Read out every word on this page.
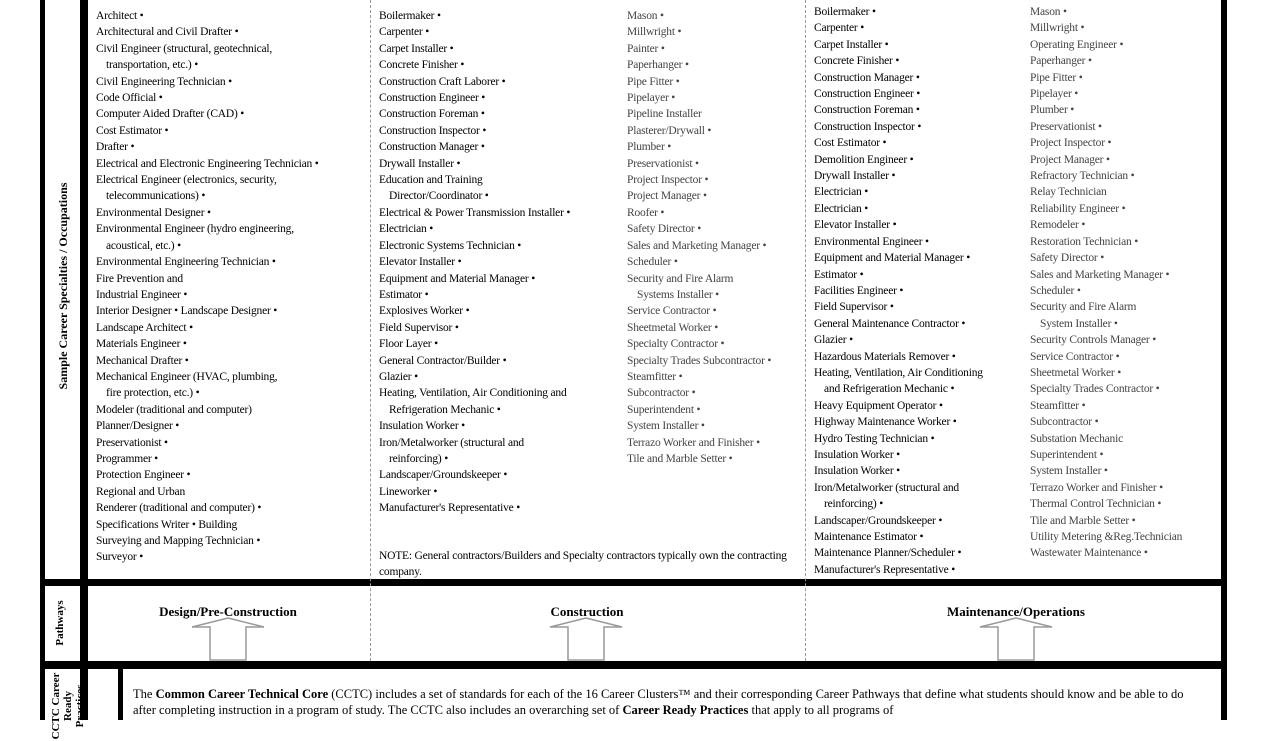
Sample Career Specialties / Occupations
Pathways
CCTC Career Ready Practices
Architect •
Architectural and Civil Drafter •
Civil Engineer (structural, geotechnical,
transportation, etc.) •
Civil Engineering Technician •
Code Official •
Computer Aided Drafter (CAD) •
Cost Estimator •
Drafter •
Electrical and Electronic Engineering Technician •
Electrical Engineer (electronics, security,
telecommunications) •
Environmental Designer •
Environmental Engineer (hydro engineering,
acoustical, etc.) •
Environmental Engineering Technician •
Fire Prevention and
Industrial Engineer •
Interior Designer • Landscape Designer •
Landscape Architect •
Materials Engineer •
Mechanical Drafter •
Mechanical Engineer (HVAC, plumbing,
fire protection, etc.) •
Modeler (traditional and computer)
Planner/Designer •
Preservationist •
Programmer •
Protection Engineer •
Regional and Urban
Renderer (traditional and computer) •
Specifications Writer • Building
Surveying and Mapping Technician •
Surveyor •
Boilermaker •
Carpenter •
Carpet Installer •
Concrete Finisher •
Construction Craft Laborer •
Construction Engineer •
Construction Foreman •
Construction Inspector •
Construction Manager •
Drywall Installer •
Education and Training
Director/Coordinator •
Electrical & Power Transmission Installer •
Electrician •
Electronic Systems Technician •
Elevator Installer •
Equipment and Material Manager •
Estimator •
Explosives Worker •
Field Supervisor •
Floor Layer •
General Contractor/Builder •
Glazier •
Heating, Ventilation, Air Conditioning and
Refrigeration Mechanic •
Insulation Worker •
Iron/Metalworker (structural and
reinforcing) •
Landscaper/Groundskeeper •
Lineworker •
Manufacturer's Representative •
Mason •
Millwright •
Painter •
Paperhanger •
Pipe Fitter •
Pipelayer •
Pipeline Installer
Plasterer/Drywall •
Plumber •
Preservationist •
Project Inspector •
Project Manager •
Roofer •
Safety Director •
Sales and Marketing Manager •
Scheduler •
Security and Fire Alarm
Systems Installer •
Service Contractor •
Sheetmetal Worker •
Specialty Contractor •
Specialty Trades Subcontractor •
Steamfitter •
Subcontractor •
Superintendent •
System Installer •
Terrazo Worker and Finisher •
Tile and Marble Setter •
Boilermaker •
Carpenter •
Carpet Installer •
Concrete Finisher •
Construction Manager •
Construction Engineer •
Construction Foreman •
Construction Inspector •
Cost Estimator •
Demolition Engineer •
Drywall Installer •
Electrician •
Electrician •
Elevator Installer •
Environmental Engineer •
Equipment and Material Manager •
Estimator •
Facilities Engineer •
Field Supervisor •
General Maintenance Contractor •
Glazier •
Hazardous Materials Remover •
Heating, Ventilation, Air Conditioning
and Refrigeration Mechanic •
Heavy Equipment Operator •
Highway Maintenance Worker •
Hydro Testing Technician •
Insulation Worker •
Insulation Worker •
Iron/Metalworker (structural and
reinforcing) •
Landscaper/Groundskeeper •
Maintenance Estimator •
Maintenance Planner/Scheduler •
Manufacturer's Representative •
Mason •
Millwright •
Operating Engineer •
Paperhanger •
Pipe Fitter •
Pipelayer •
Plumber •
Preservationist •
Project Inspector •
Project Manager •
Refractory Technician •
Relay Technician
Reliability Engineer •
Remodeler •
Restoration Technician •
Safety Director •
Sales and Marketing Manager •
Scheduler •
Security and Fire Alarm
System Installer •
Security Controls Manager •
Service Contractor •
Sheetmetal Worker •
Specialty Trades Contractor •
Steamfitter •
Subcontractor •
Substation Mechanic
Superintendent •
System Installer •
Terrazo Worker and Finisher •
Thermal Control Technician •
Tile and Marble Setter •
Utility Metering &Reg.Technician
Wastewater Maintenance •
NOTE: General contractors/Builders and Specialty contractors typically own the contracting company.
Design/Pre-Construction	Construction	Maintenance/Operations
The Common Career Technical Core (CCTC) includes a set of standards for each of the 16 Career Clusters™ and their corresponding Career Pathways that define what students should know and be able to do after completing instruction in a program of study. The CCTC also includes an overarching set of Career Ready Practices that apply to all programs of
